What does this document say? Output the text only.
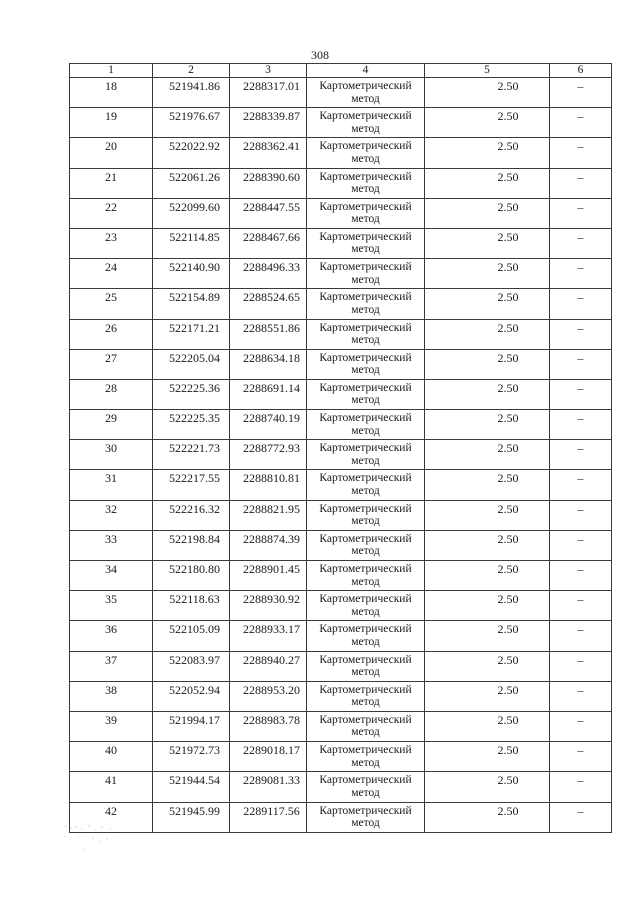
308
1	2	3	4	5	6
18	521941.86	2288317.01	Картометрический метод	2.50	–
19	521976.67	2288339.87	Картометрический метод	2.50	–
20	522022.92	2288362.41	Картометрический метод	2.50	–
21	522061.26	2288390.60	Картометрический метод	2.50	–
22	522099.60	2288447.55	Картометрический метод	2.50	–
23	522114.85	2288467.66	Картометрический метод	2.50	–
24	522140.90	2288496.33	Картометрический метод	2.50	–
25	522154.89	2288524.65	Картометрический метод	2.50	–
26	522171.21	2288551.86	Картометрический метод	2.50	–
27	522205.04	2288634.18	Картометрический метод	2.50	–
28	522225.36	2288691.14	Картометрический метод	2.50	–
29	522225.35	2288740.19	Картометрический метод	2.50	–
30	522221.73	2288772.93	Картометрический метод	2.50	–
31	522217.55	2288810.81	Картометрический метод	2.50	–
32	522216.32	2288821.95	Картометрический метод	2.50	–
33	522198.84	2288874.39	Картометрический метод	2.50	–
34	522180.80	2288901.45	Картометрический метод	2.50	–
35	522118.63	2288930.92	Картометрический метод	2.50	–
36	522105.09	2288933.17	Картометрический метод	2.50	–
37	522083.97	2288940.27	Картометрический метод	2.50	–
38	522052.94	2288953.20	Картометрический метод	2.50	–
39	521994.17	2288983.78	Картометрический метод	2.50	–
40	521972.73	2289018.17	Картометрический метод	2.50	–
41	521944.54	2289081.33	Картометрический метод	2.50	–
42	521945.99	2289117.56	Картометрический метод	2.50	–
